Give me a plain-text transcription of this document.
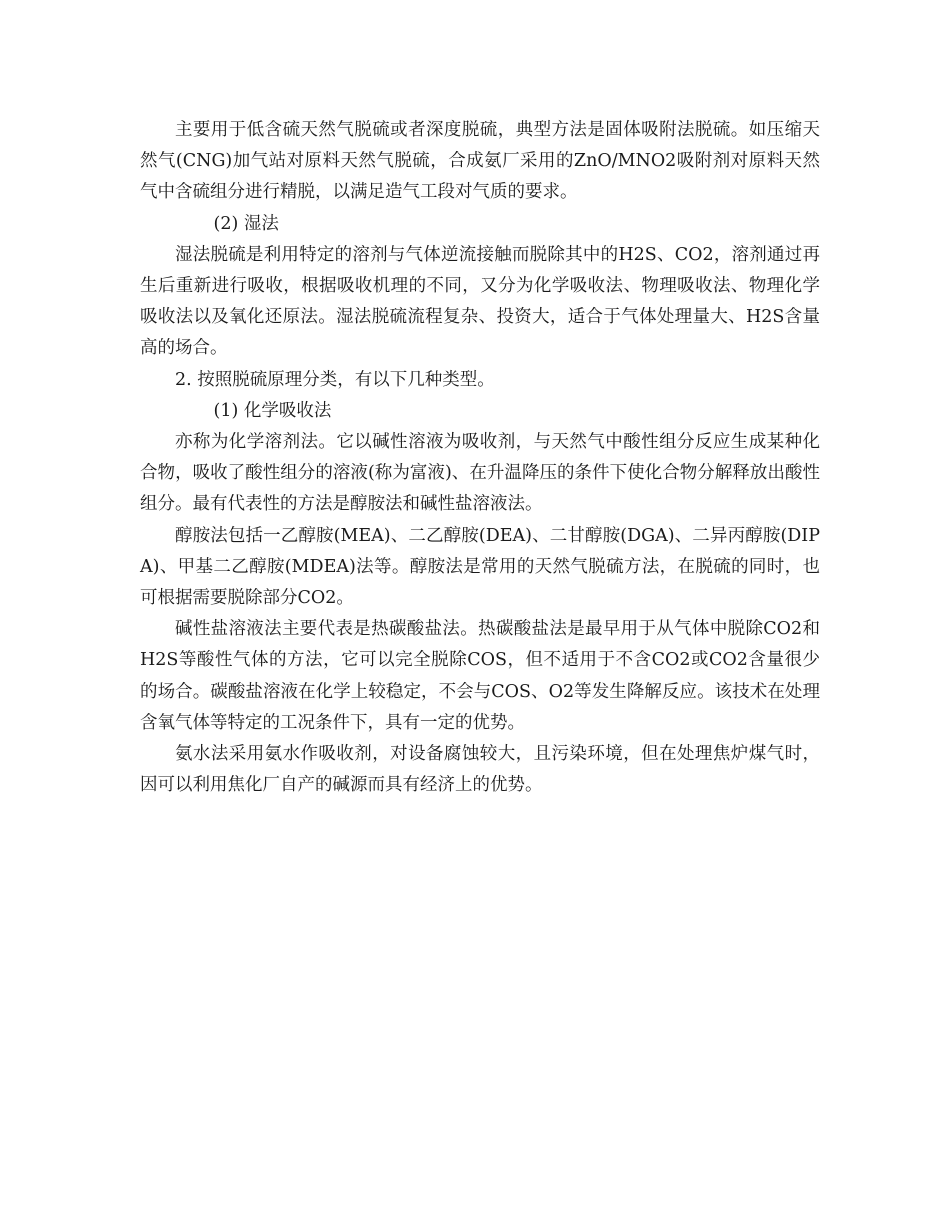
主要用于低含硫天然气脱硫或者深度脱硫，典型方法是固体吸附法脱硫。如压缩天然气(CNG)加气站对原料天然气脱硫，合成氨厂采用的ZnO/MNO2吸附剂对原料天然气中含硫组分进行精脱，以满足造气工段对气质的要求。

(2) 湿法

湿法脱硫是利用特定的溶剂与气体逆流接触而脱除其中的H2S、CO2，溶剂通过再生后重新进行吸收，根据吸收机理的不同，又分为化学吸收法、物理吸收法、物理化学吸收法以及氧化还原法。湿法脱硫流程复杂、投资大，适合于气体处理量大、H2S含量高的场合。

2. 按照脱硫原理分类，有以下几种类型。

(1) 化学吸收法

亦称为化学溶剂法。它以碱性溶液为吸收剂，与天然气中酸性组分反应生成某种化合物，吸收了酸性组分的溶液(称为富液)、在升温降压的条件下使化合物分解释放出酸性组分。最有代表性的方法是醇胺法和碱性盐溶液法。

醇胺法包括一乙醇胺(MEA)、二乙醇胺(DEA)、二甘醇胺(DGA)、二异丙醇胺(DIPA)、甲基二乙醇胺(MDEA)法等。醇胺法是常用的天然气脱硫方法，在脱硫的同时，也可根据需要脱除部分CO2。

碱性盐溶液法主要代表是热碳酸盐法。热碳酸盐法是最早用于从气体中脱除CO2和H2S等酸性气体的方法，它可以完全脱除COS，但不适用于不含CO2或CO2含量很少的场合。碳酸盐溶液在化学上较稳定，不会与COS、O2等发生降解反应。该技术在处理含氧气体等特定的工况条件下，具有一定的优势。

氨水法采用氨水作吸收剂，对设备腐蚀较大，且污染环境，但在处理焦炉煤气时，因可以利用焦化厂自产的碱源而具有经济上的优势。
